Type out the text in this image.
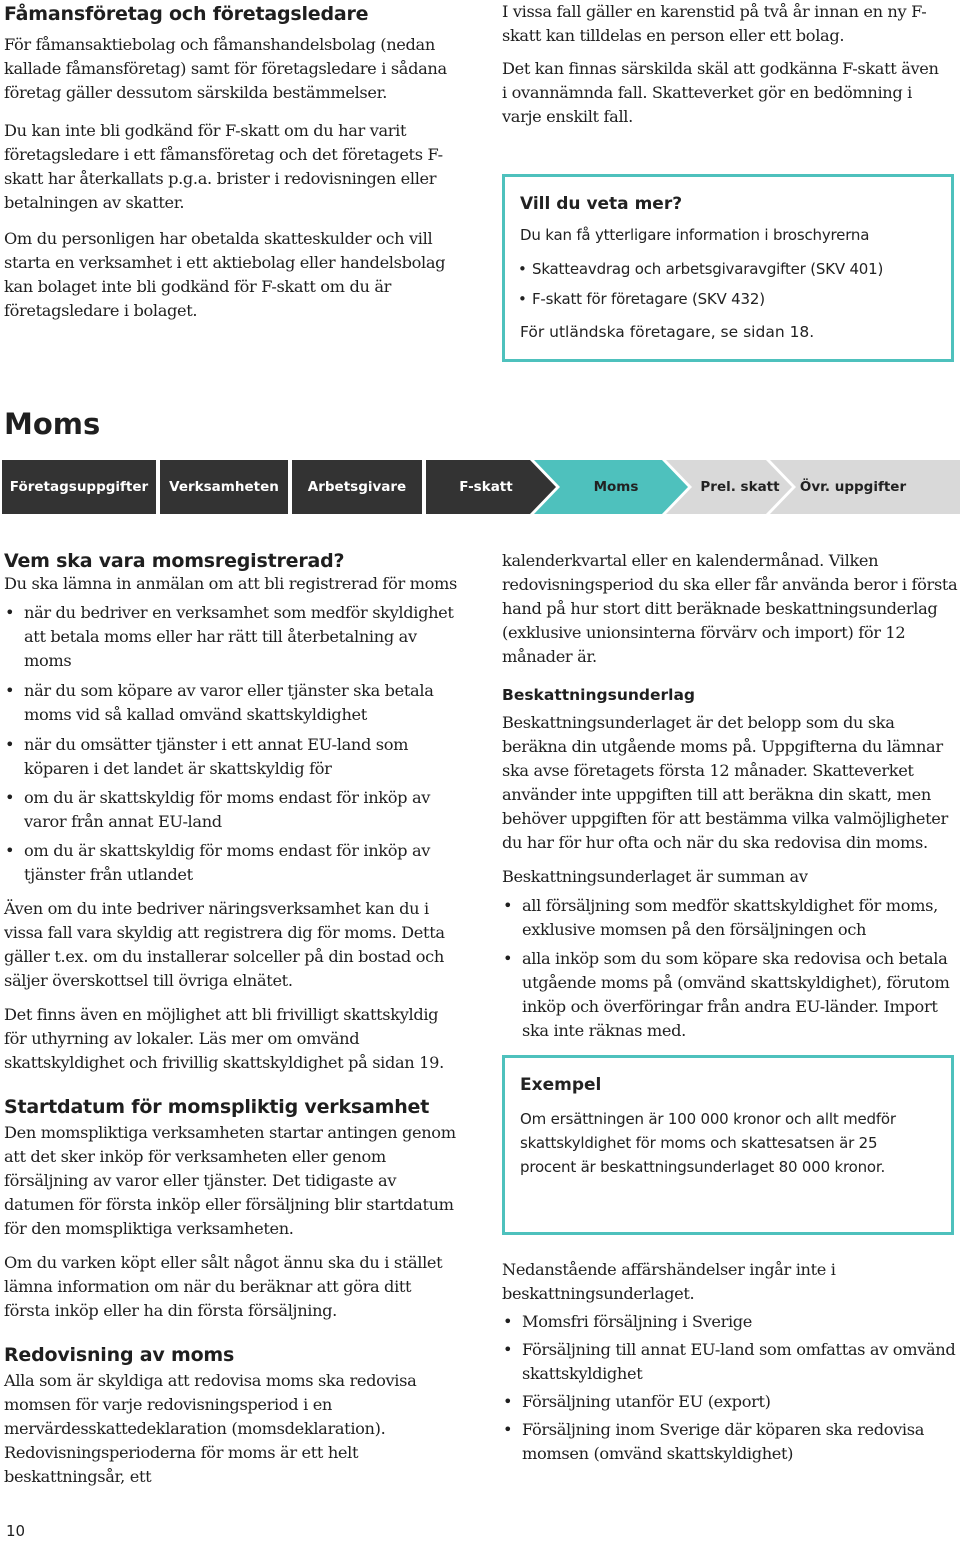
Fåmansföretag och företagsledare

För fåmansaktiebolag och fåmanshandelsbolag (nedan kallade fåmansföretag) samt för företagsledare i sådana företag gäller dessutom särskilda bestämmelser.

Du kan inte bli godkänd för F-skatt om du har varit företagsledare i ett fåmansföretag och det företagets F-skatt har återkallats p.g.a. brister i redovisningen eller betalningen av skatter.

Om du personligen har obetalda skatteskulder och vill starta en verksamhet i ett aktiebolag eller handelsbolag kan bolaget inte bli godkänd för F-skatt om du är företagsledare i bolaget.

I vissa fall gäller en karenstid på två år innan en ny F-skatt kan tilldelas en person eller ett bolag.

Det kan finnas särskilda skäl att godkänna F-skatt även i ovannämnda fall. Skatteverket gör en bedömning i varje enskilt fall.

Vill du veta mer?
Du kan få ytterligare information i broschyrerna
• Skatteavdrag och arbetsgivaravgifter (SKV 401)
• F-skatt för företagare (SKV 432)
För utländska företagare, se sidan 18.
Moms
Företagsuppgifter	Verksamheten	Arbetsgivare	F-skatt	Moms	Prel. skatt	Övr. uppgifter
Vem ska vara momsregistrerad?

Du ska lämna in anmälan om att bli registrerad för moms

• när du bedriver en verksamhet som medför skyldighet att betala moms eller har rätt till återbetalning av moms
• när du som köpare av varor eller tjänster ska betala moms vid så kallad omvänd skattskyldighet
• när du omsätter tjänster i ett annat EU-land som köparen i det landet är skattskyldig för
• om du är skattskyldig för moms endast för inköp av varor från annat EU-land
• om du är skattskyldig för moms endast för inköp av tjänster från utlandet

Även om du inte bedriver näringsverksamhet kan du i vissa fall vara skyldig att registrera dig för moms. Detta gäller t.ex. om du installerar solceller på din bostad och säljer överskottsel till övriga elnätet.

Det finns även en möjlighet att bli frivilligt skattskyldig för uthyrning av lokaler. Läs mer om omvänd skattskyldighet och frivillig skattskyldighet på sidan 19.

Startdatum för momspliktig verksamhet

Den momspliktiga verksamheten startar antingen genom att det sker inköp för verksamheten eller genom försäljning av varor eller tjänster. Det tidigaste av datumen för första inköp eller försäljning blir startdatum för den momspliktiga verksamheten.

Om du varken köpt eller sålt något ännu ska du i stället lämna information om när du beräknar att göra ditt första inköp eller ha din första försäljning.

Redovisning av moms

Alla som är skyldiga att redovisa moms ska redovisa momsen för varje redovisningsperiod i en mervärdesskattedeklaration (momsdeklaration). Redovisningsperioderna för moms är ett helt beskattningsår, ett

kalenderkvartal eller en kalendermånad. Vilken redovisningsperiod du ska eller får använda beror i första hand på hur stort ditt beräknade beskattningsunderlag (exklusive unionsinterna förvärv och import) för 12 månader är.

Beskattningsunderlag

Beskattningsunderlaget är det belopp som du ska beräkna din utgående moms på. Uppgifterna du lämnar ska avse företagets första 12 månader. Skatteverket använder inte uppgiften till att beräkna din skatt, men behöver uppgiften för att bestämma vilka valmöjligheter du har för hur ofta och när du ska redovisa din moms.

Beskattningsunderlaget är summan av

• all försäljning som medför skattskyldighet för moms, exklusive momsen på den försäljningen och
• alla inköp som du som köpare ska redovisa och betala utgående moms på (omvänd skattskyldighet), förutom inköp och överföringar från andra EU-länder. Import ska inte räknas med.
Exempel
Om ersättningen är 100 000 kronor och allt medför skattskyldighet för moms och skattesatsen är 25 procent är beskattningsunderlaget 80 000 kronor.

Nedanstående affärshändelser ingår inte i beskattningsunderlaget.

• Momsfri försäljning i Sverige
• Försäljning till annat EU-land som omfattas av omvänd skattskyldighet
• Försäljning utanför EU (export)
• Försäljning inom Sverige där köparen ska redovisa momsen (omvänd skattskyldighet)
10
